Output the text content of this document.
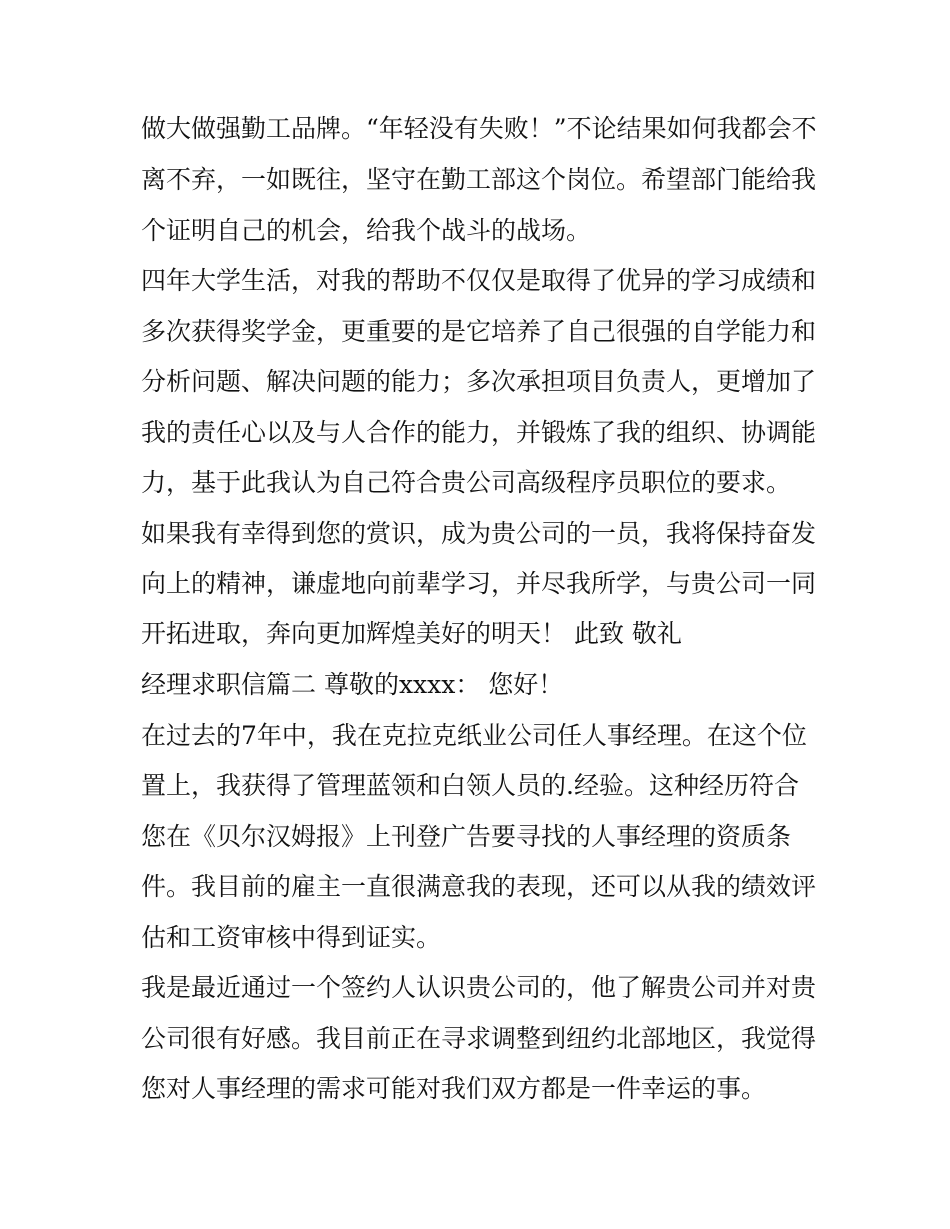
做大做强勤工品牌。“年轻没有失败！”不论结果如何我都会不
离不弃，一如既往，坚守在勤工部这个岗位。希望部门能给我
个证明自己的机会，给我个战斗的战场。
四年大学生活，对我的帮助不仅仅是取得了优异的学习成绩和
多次获得奖学金，更重要的是它培养了自己很强的自学能力和
分析问题、解决问题的能力；多次承担项目负责人，更增加了
我的责任心以及与人合作的能力，并锻炼了我的组织、协调能
力，基于此我认为自己符合贵公司高级程序员职位的要求。
如果我有幸得到您的赏识，成为贵公司的一员，我将保持奋发
向上的精神，谦虚地向前辈学习，并尽我所学，与贵公司一同
开拓进取，奔向更加辉煌美好的明天！ 此致 敬礼
经理求职信篇二 尊敬的xxxx： 您好！
在过去的7年中，我在克拉克纸业公司任人事经理。在这个位
置上，我获得了管理蓝领和白领人员的.经验。这种经历符合
您在《贝尔汉姆报》上刊登广告要寻找的人事经理的资质条
件。我目前的雇主一直很满意我的表现，还可以从我的绩效评
估和工资审核中得到证实。
我是最近通过一个签约人认识贵公司的，他了解贵公司并对贵
公司很有好感。我目前正在寻求调整到纽约北部地区，我觉得
您对人事经理的需求可能对我们双方都是一件幸运的事。
